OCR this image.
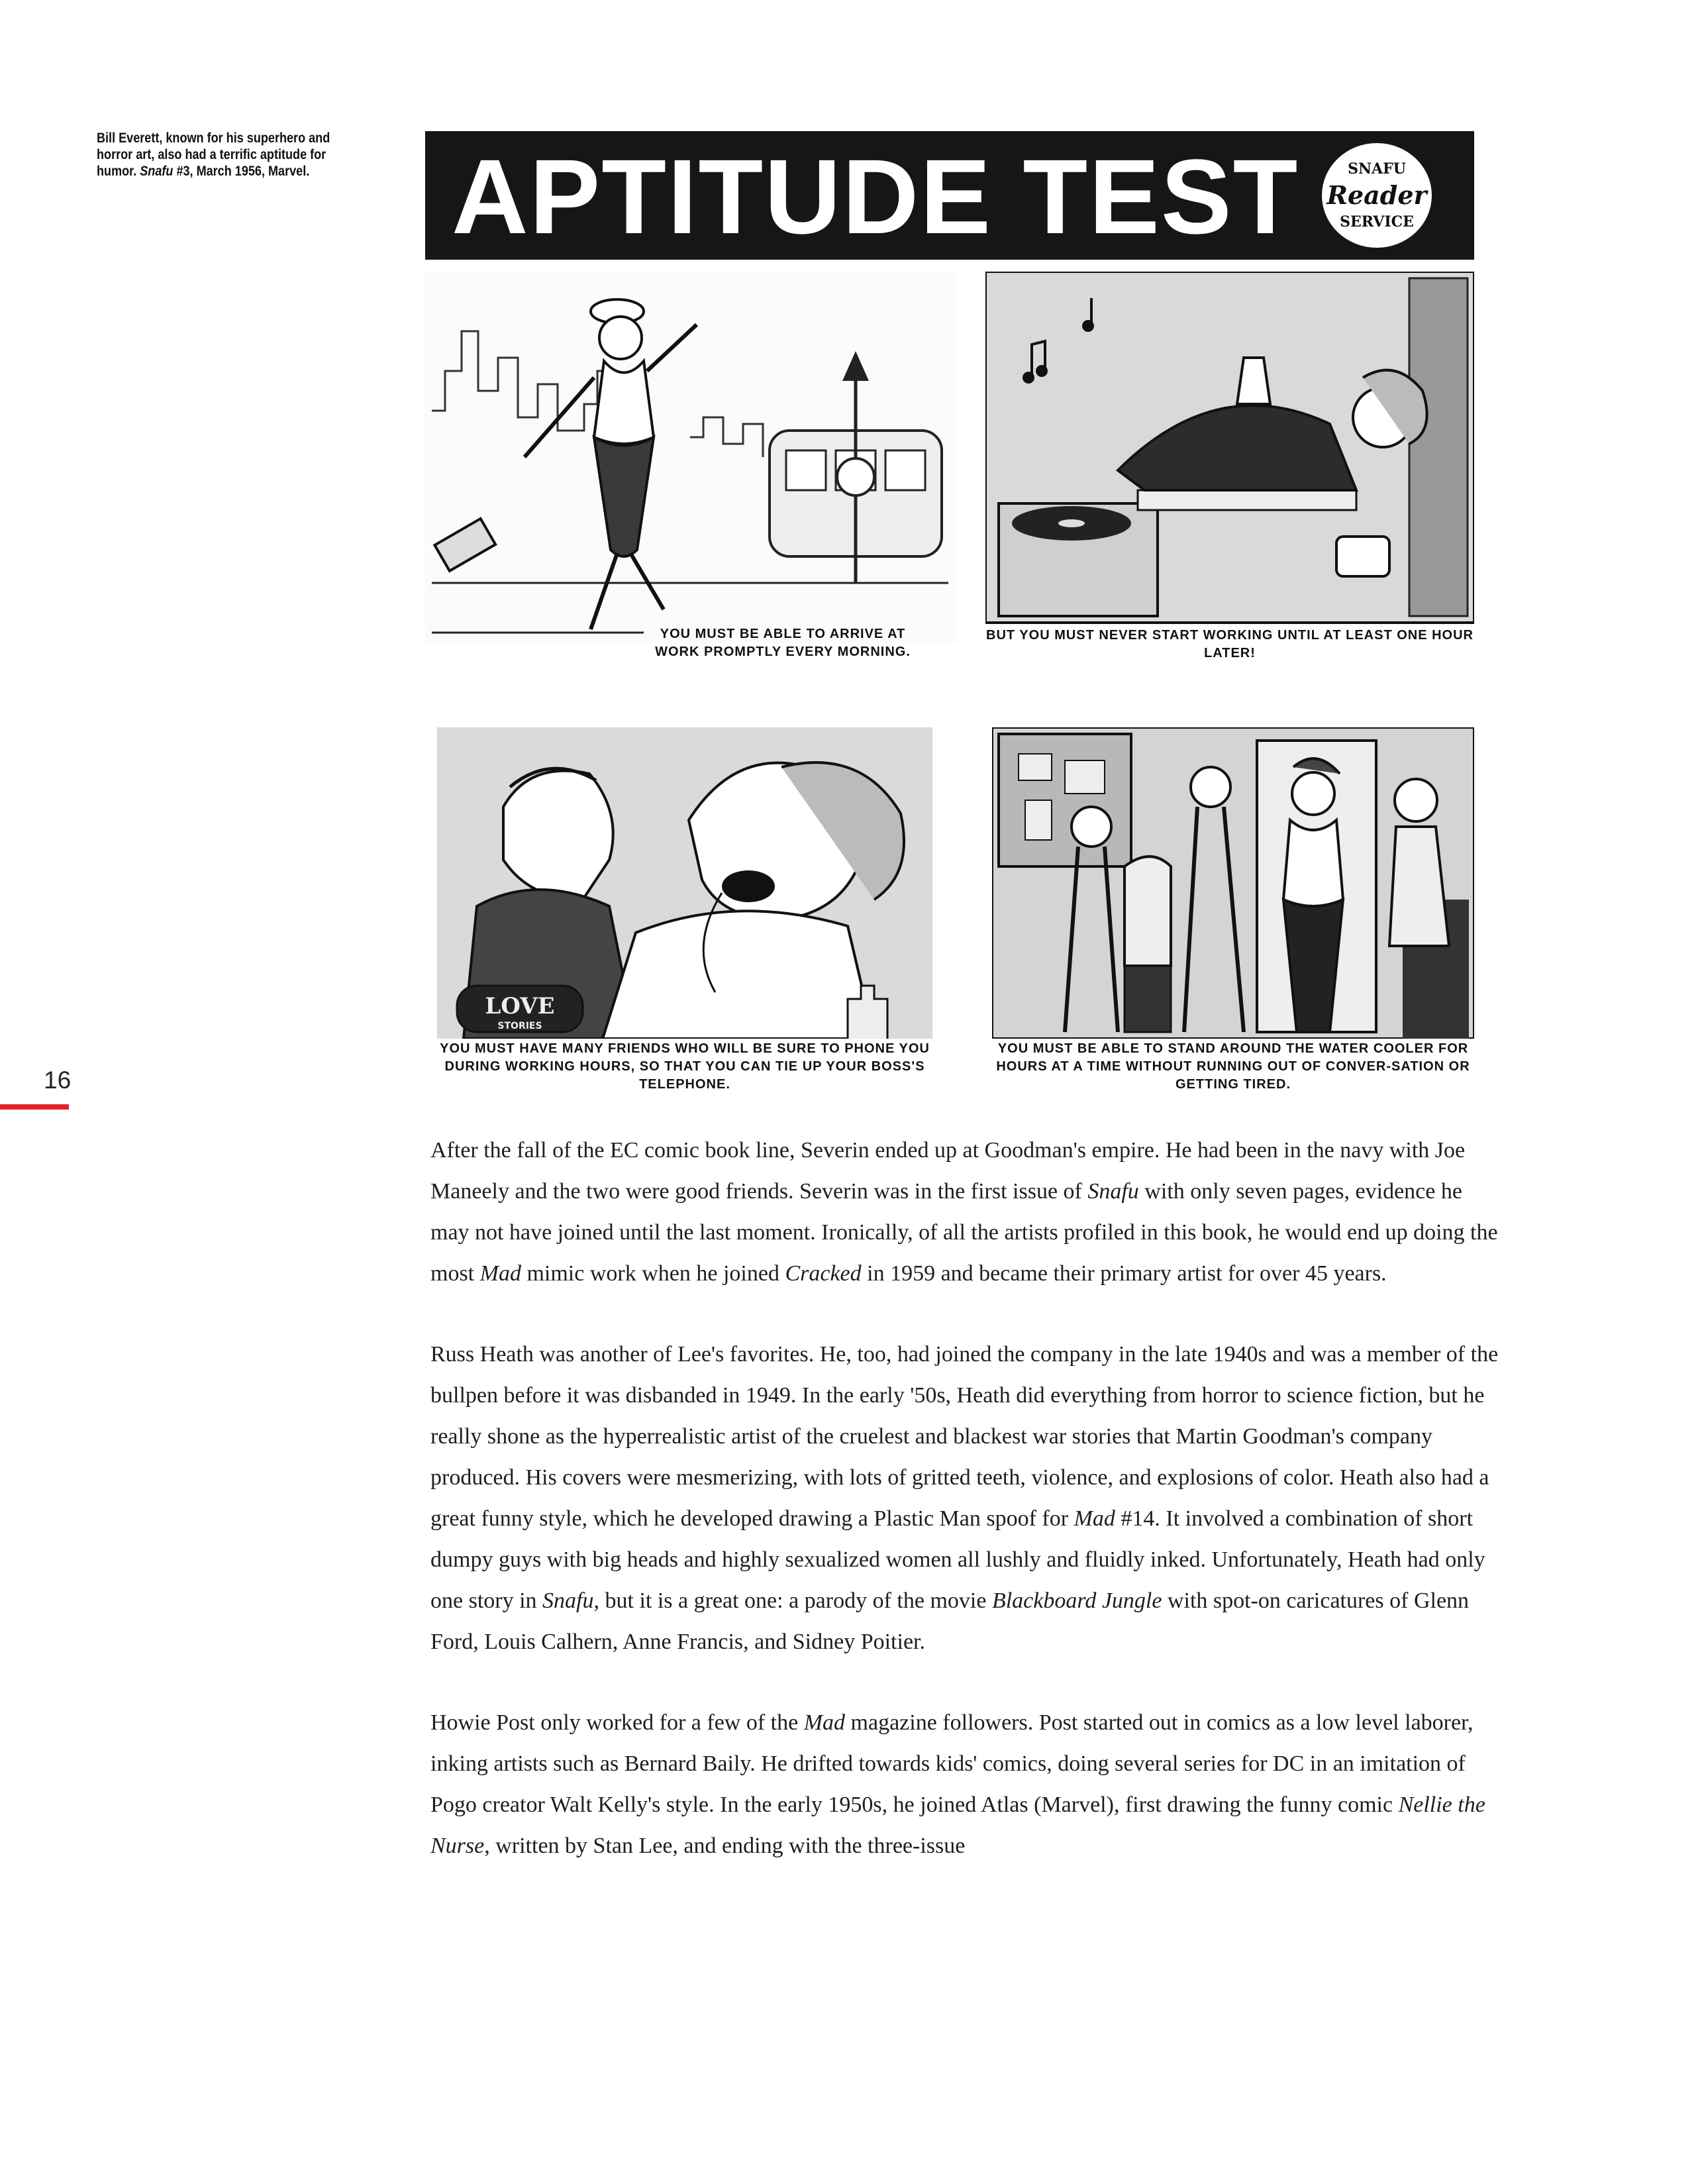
Bill Everett, known for his superhero and horror art, also had a terrific aptitude for humor. Snafu #3, March 1956, Marvel.
16
APTITUDE TEST	SNAFU
Reader
SERVICE
YOU MUST BE ABLE TO ARRIVE AT WORK PROMPTLY EVERY MORNING.
BUT YOU MUST NEVER START WORKING UNTIL AT LEAST ONE HOUR LATER!
LOVE
STORIES
YOU MUST HAVE MANY FRIENDS WHO WILL BE SURE TO PHONE YOU DURING WORKING HOURS, SO THAT YOU CAN TIE UP YOUR BOSS'S TELEPHONE.
YOU MUST BE ABLE TO STAND AROUND THE WATER COOLER FOR HOURS AT A TIME WITHOUT RUNNING OUT OF CONVER-SATION OR GETTING TIRED.

After the fall of the EC comic book line, Severin ended up at Goodman's empire. He had been in the navy with Joe Maneely and the two were good friends. Severin was in the first issue of Snafu with only seven pages, evidence he may not have joined until the last moment. Ironically, of all the artists profiled in this book, he would end up doing the most Mad mimic work when he joined Cracked in 1959 and became their primary artist for over 45 years.

Russ Heath was another of Lee's favorites. He, too, had joined the company in the late 1940s and was a member of the bullpen before it was disbanded in 1949. In the early '50s, Heath did everything from horror to science fiction, but he really shone as the hyperrealistic artist of the cruelest and blackest war stories that Martin Goodman's company produced. His covers were mesmerizing, with lots of gritted teeth, violence, and explosions of color. Heath also had a great funny style, which he developed drawing a Plastic Man spoof for Mad #14. It involved a combination of short dumpy guys with big heads and highly sexualized women all lushly and fluidly inked. Unfortunately, Heath had only one story in Snafu, but it is a great one: a parody of the movie Blackboard Jungle with spot-on caricatures of Glenn Ford, Louis Calhern, Anne Francis, and Sidney Poitier.

Howie Post only worked for a few of the Mad magazine followers. Post started out in comics as a low level laborer, inking artists such as Bernard Baily. He drifted towards kids' comics, doing several series for DC in an imitation of Pogo creator Walt Kelly's style. In the early 1950s, he joined Atlas (Marvel), first drawing the funny comic Nellie the Nurse, written by Stan Lee, and ending with the three-issue
